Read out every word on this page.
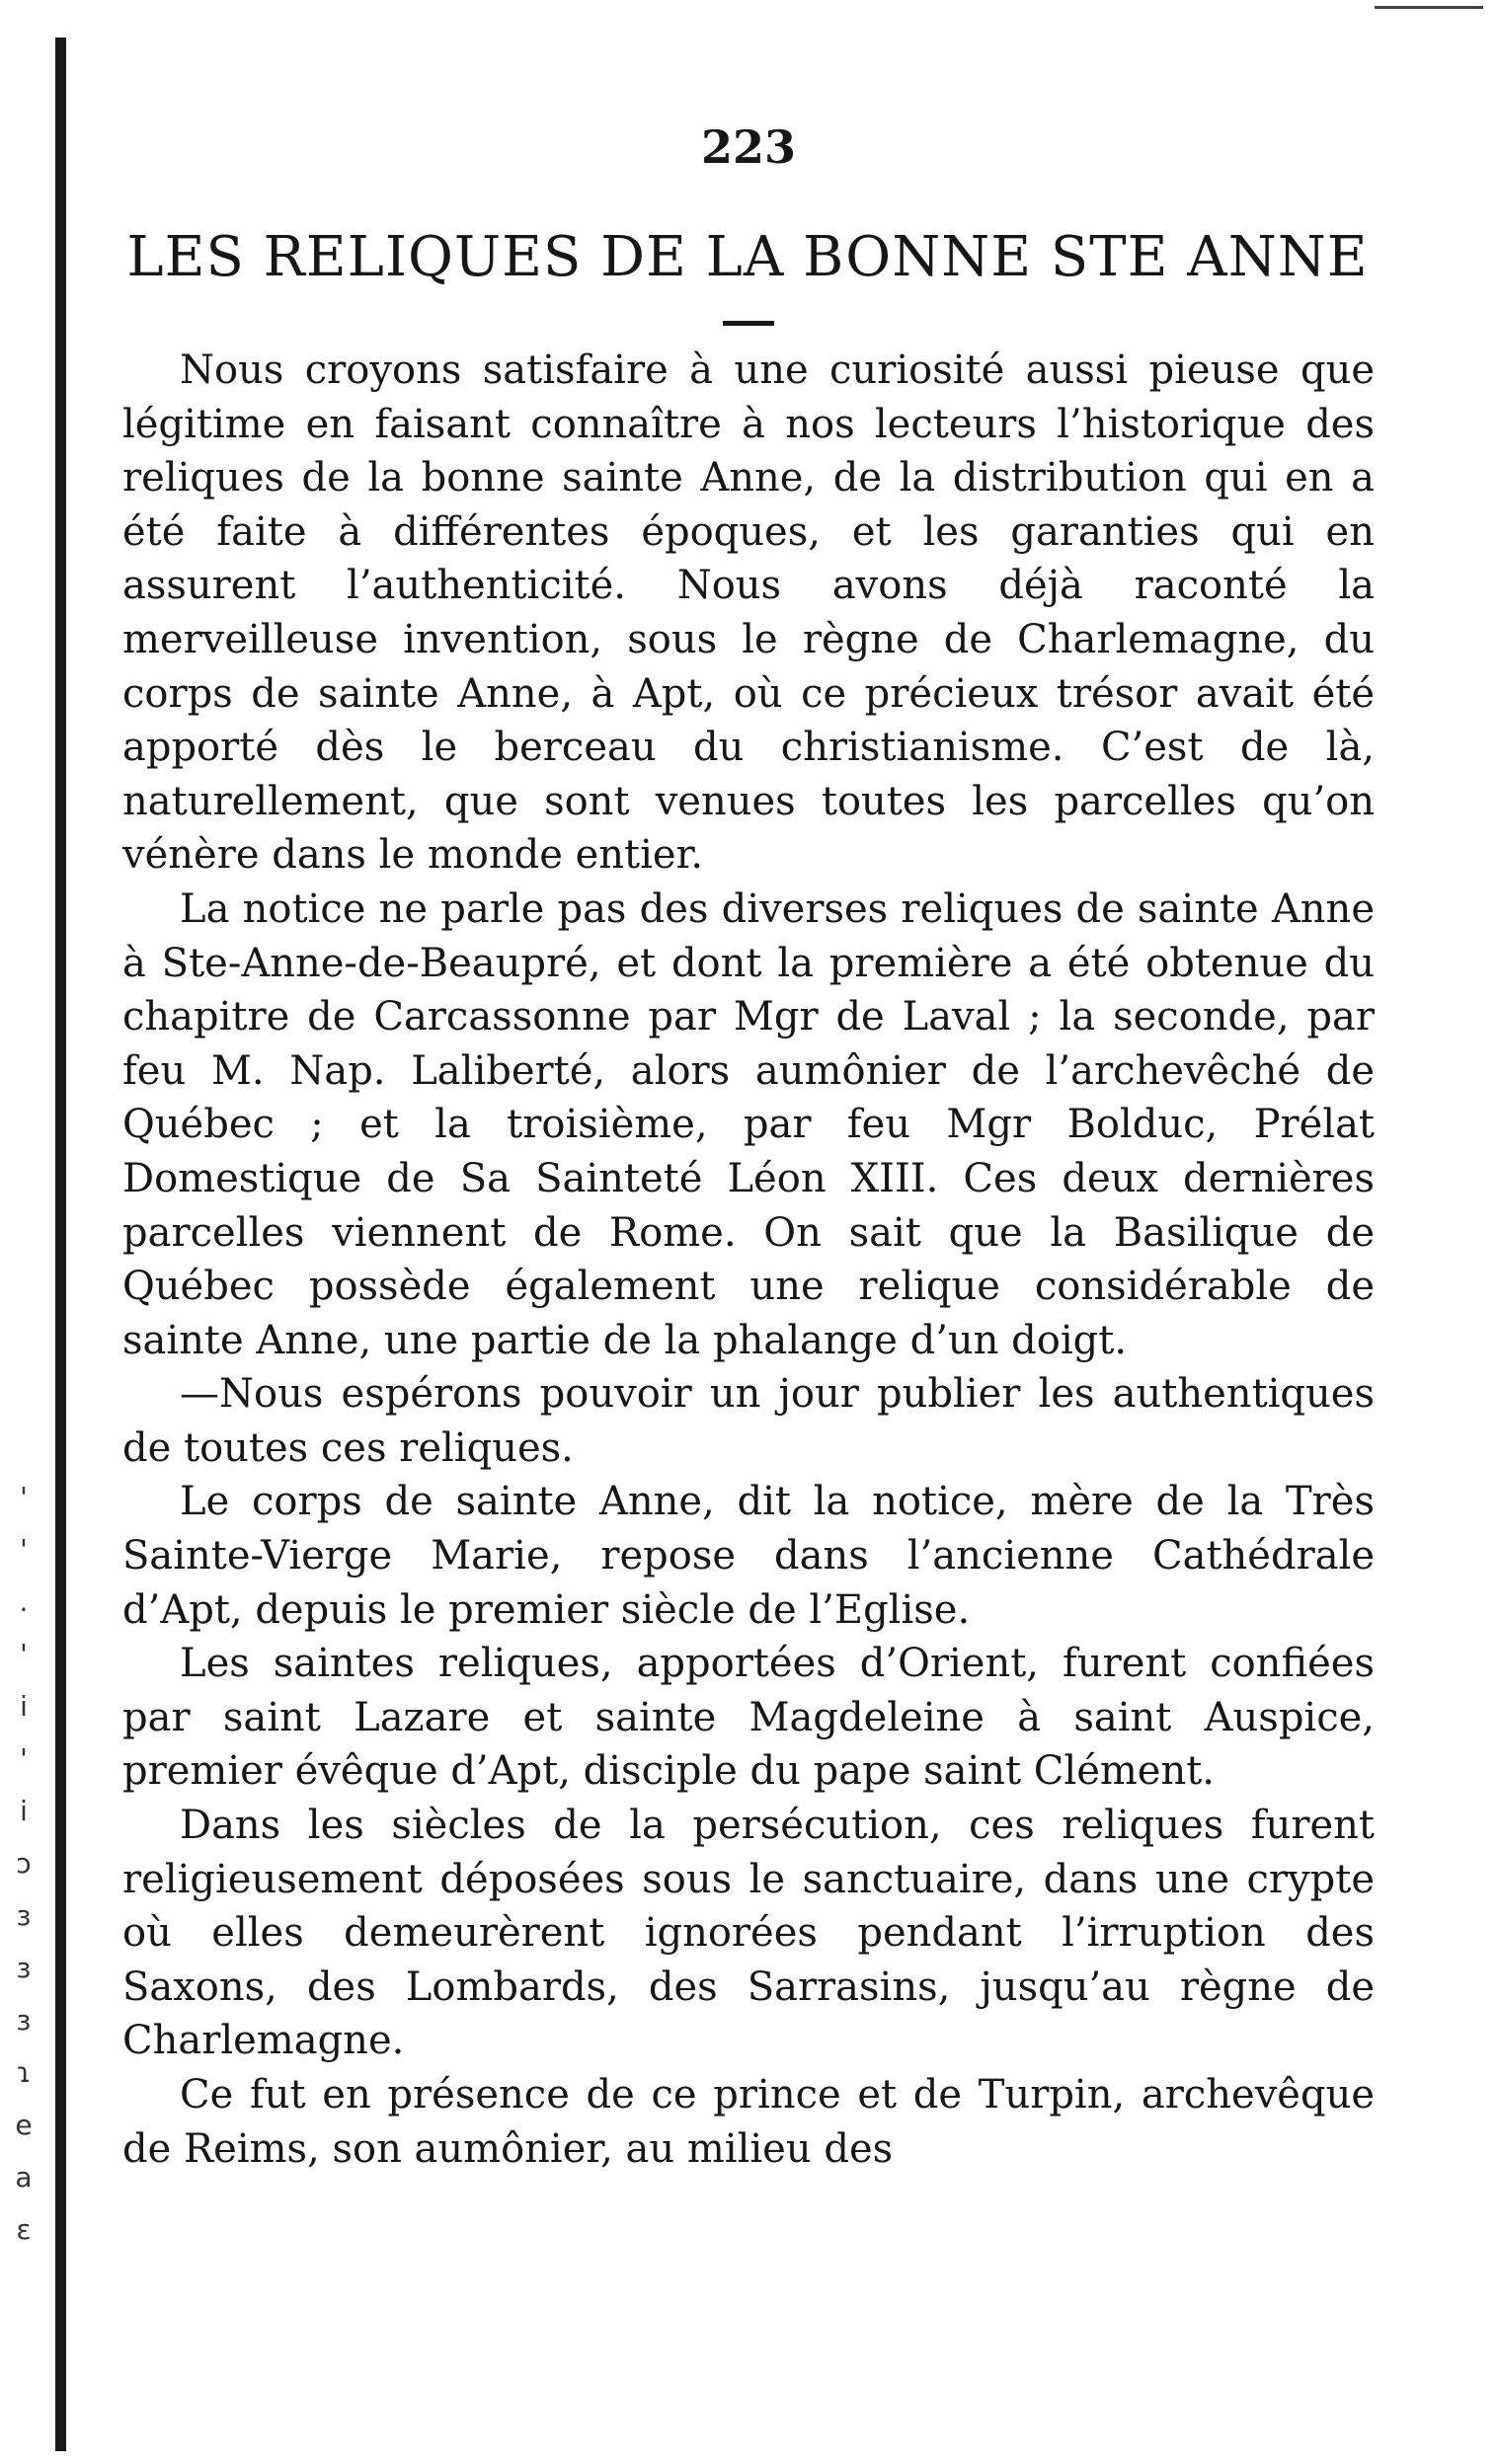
'
'
.
'
i
'
i
ɔ
ɜ
з
з
ɿ
e
a
ɛ
223
LES RELIQUES DE LA BONNE STE ANNE

Nous croyons satisfaire à une curiosité aussi pieuse que légitime en faisant connaître à nos lecteurs l’historique des reliques de la bonne sainte Anne, de la distribution qui en a été faite à différentes époques, et les garanties qui en assurent l’authenticité. Nous avons déjà raconté la merveilleuse invention, sous le règne de Charlemagne, du corps de sainte Anne, à Apt, où ce précieux trésor avait été apporté dès le berceau du christianisme. C’est de là, naturellement, que sont venues toutes les parcelles qu’on vénère dans le monde entier.

La notice ne parle pas des diverses reliques de sainte Anne à Ste-Anne-de-Beaupré, et dont la première a été obtenue du chapitre de Carcassonne par Mgr de Laval ; la seconde, par feu M. Nap. Laliberté, alors aumônier de l’archevêché de Québec ; et la troisième, par feu Mgr Bolduc, Prélat Domestique de Sa Sainteté Léon XIII. Ces deux dernières parcelles viennent de Rome. On sait que la Basilique de Québec possède également une relique considérable de sainte Anne, une partie de la phalange d’un doigt.

—Nous espérons pouvoir un jour publier les authentiques de toutes ces reliques.

Le corps de sainte Anne, dit la notice, mère de la Très Sainte-Vierge Marie, repose dans l’ancienne Cathédrale d’Apt, depuis le premier siècle de l’Eglise.

Les saintes reliques, apportées d’Orient, furent confiées par saint Lazare et sainte Magdeleine à saint Auspice, premier évêque d’Apt, disciple du pape saint Clément.

Dans les siècles de la persécution, ces reliques furent religieusement déposées sous le sanctuaire, dans une crypte où elles demeurèrent ignorées pendant l’irruption des Saxons, des Lombards, des Sarrasins, jusqu’au règne de Charlemagne.

Ce fut en présence de ce prince et de Turpin, archevêque de Reims, son aumônier, au milieu des
